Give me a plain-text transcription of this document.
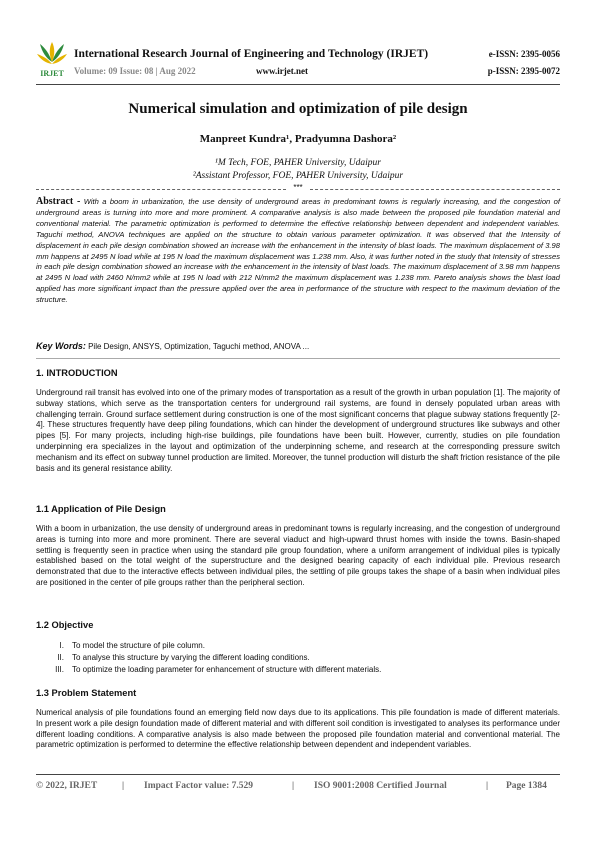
IRJET
International Research Journal of Engineering and Technology (IRJET)
Volume: 09 Issue: 08 | Aug 2022	www.irjet.net
e-ISSN: 2395-0056
p-ISSN: 2395-0072
Numerical simulation and optimization of pile design
Manpreet Kundra¹, Pradyumna Dashora²
¹M Tech, FOE, PAHER University, Udaipur
²Assistant Professor, FOE, PAHER University, Udaipur
***
Abstract - With a boom in urbanization, the use density of underground areas in predominant towns is regularly increasing, and the congestion of underground areas is turning into more and more prominent. A comparative analysis is also made between the proposed pile foundation material and conventional material. The parametric optimization is performed to determine the effective relationship between dependent and independent variables. Taguchi method, ANOVA techniques are applied on the structure to obtain various parameter optimization. It was observed that the Intensity of displacement in each pile design combination showed an increase with the enhancement in the intensity of blast loads. The maximum displacement of 3.98 mm happens at 2495 N load while at 195 N load the maximum displacement was 1.238 mm. Also, it was further noted in the study that Intensity of stresses in each pile design combination showed an increase with the enhancement in the intensity of blast loads. The maximum displacement of 3.98 mm happens at 2495 N load with 2460 N/mm2 while at 195 N load with 212 N/mm2 the maximum displacement was 1.238 mm. Pareto analysis shows the blast load applied has more significant impact than the pressure applied over the area in performance of the structure with respect to the maximum deviation of the structure.
Key Words: Pile Design, ANSYS, Optimization, Taguchi method, ANOVA ...
1. INTRODUCTION
Underground rail transit has evolved into one of the primary modes of transportation as a result of the growth in urban population [1]. The majority of subway stations, which serve as the transportation centers for underground rail systems, are found in densely populated urban areas with challenging terrain. Ground surface settlement during construction is one of the most significant concerns that plague subway stations frequently [2-4]. These structures frequently have deep piling foundations, which can hinder the development of underground structures like subways and other pipes [5]. For many projects, including high-rise buildings, pile foundations have been built. However, currently, studies on pile foundation underpinning era specializes in the layout and optimization of the underpinning scheme, and research at the corresponding pressure switch mechanism and its effect on subway tunnel production are limited. Moreover, the tunnel production will disturb the shaft friction resistance of the pile basis and its general resistance ability.
1.1 Application of Pile Design
With a boom in urbanization, the use density of underground areas in predominant towns is regularly increasing, and the congestion of underground areas is turning into more and more prominent. There are several viaduct and high-upward thrust homes with inside the towns. Basin-shaped settling is frequently seen in practice when using the standard pile group foundation, where a uniform arrangement of individual piles is typically established based on the total weight of the superstructure and the designed bearing capacity of each individual pile. Previous research demonstrated that due to the interactive effects between individual piles, the settling of pile groups takes the shape of a basin when individual piles are positioned in the center of pile groups rather than the peripheral section.
1.2 Objective
I. To model the structure of pile column.
II. To analyse this structure by varying the different loading conditions.
III. To optimize the loading parameter for enhancement of structure with different materials.
1.3 Problem Statement
Numerical analysis of pile foundations found an emerging field now days due to its applications. This pile foundation is made of different materials. In present work a pile design foundation made of different material and with different soil condition is investigated to analyses its performance under different loading conditions. A comparative analysis is also made between the proposed pile foundation material and conventional material. The parametric optimization is performed to determine the effective relationship between dependent and independent variables.
© 2022, IRJET	| Impact Factor value: 7.529	| ISO 9001:2008 Certified Journal	| Page 1384
